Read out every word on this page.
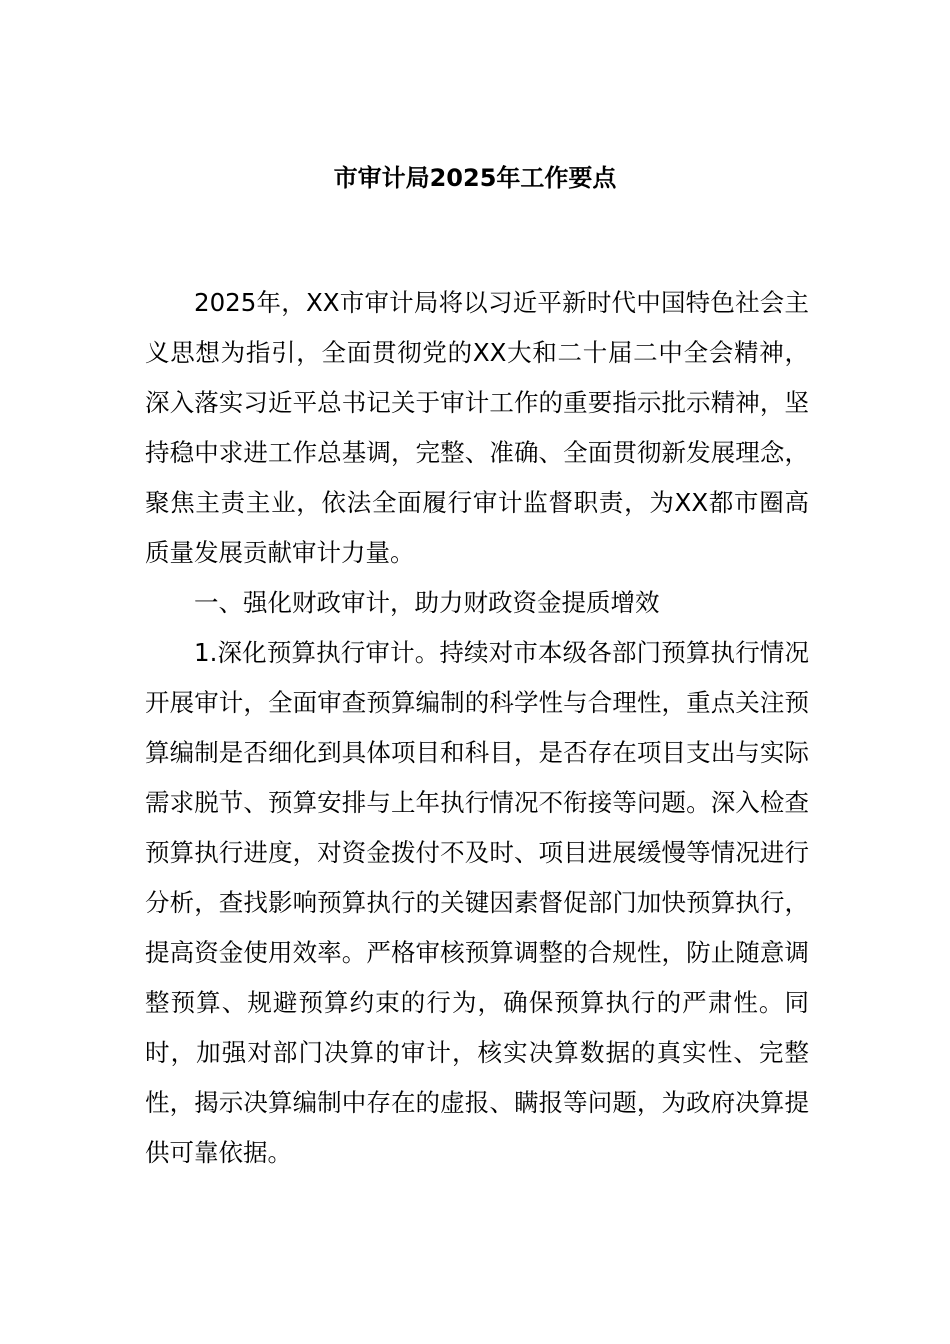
市审计局2025年工作要点

2025年，XX市审计局将以习近平新时代中国特色社会主义思想为指引，全面贯彻党的XX大和二十届二中全会精神，深入落实习近平总书记关于审计工作的重要指示批示精神，坚持稳中求进工作总基调，完整、准确、全面贯彻新发展理念，聚焦主责主业，依法全面履行审计监督职责，为XX都市圈高质量发展贡献审计力量。

一、强化财政审计，助力财政资金提质增效

1.深化预算执行审计。持续对市本级各部门预算执行情况开展审计，全面审查预算编制的科学性与合理性，重点关注预算编制是否细化到具体项目和科目，是否存在项目支出与实际需求脱节、预算安排与上年执行情况不衔接等问题。深入检查预算执行进度，对资金拨付不及时、项目进展缓慢等情况进行分析，查找影响预算执行的关键因素督促部门加快预算执行，提高资金使用效率。严格审核预算调整的合规性，防止随意调整预算、规避预算约束的行为，确保预算执行的严肃性。同时，加强对部门决算的审计，核实决算数据的真实性、完整性，揭示决算编制中存在的虚报、瞒报等问题，为政府决算提供可靠依据。
